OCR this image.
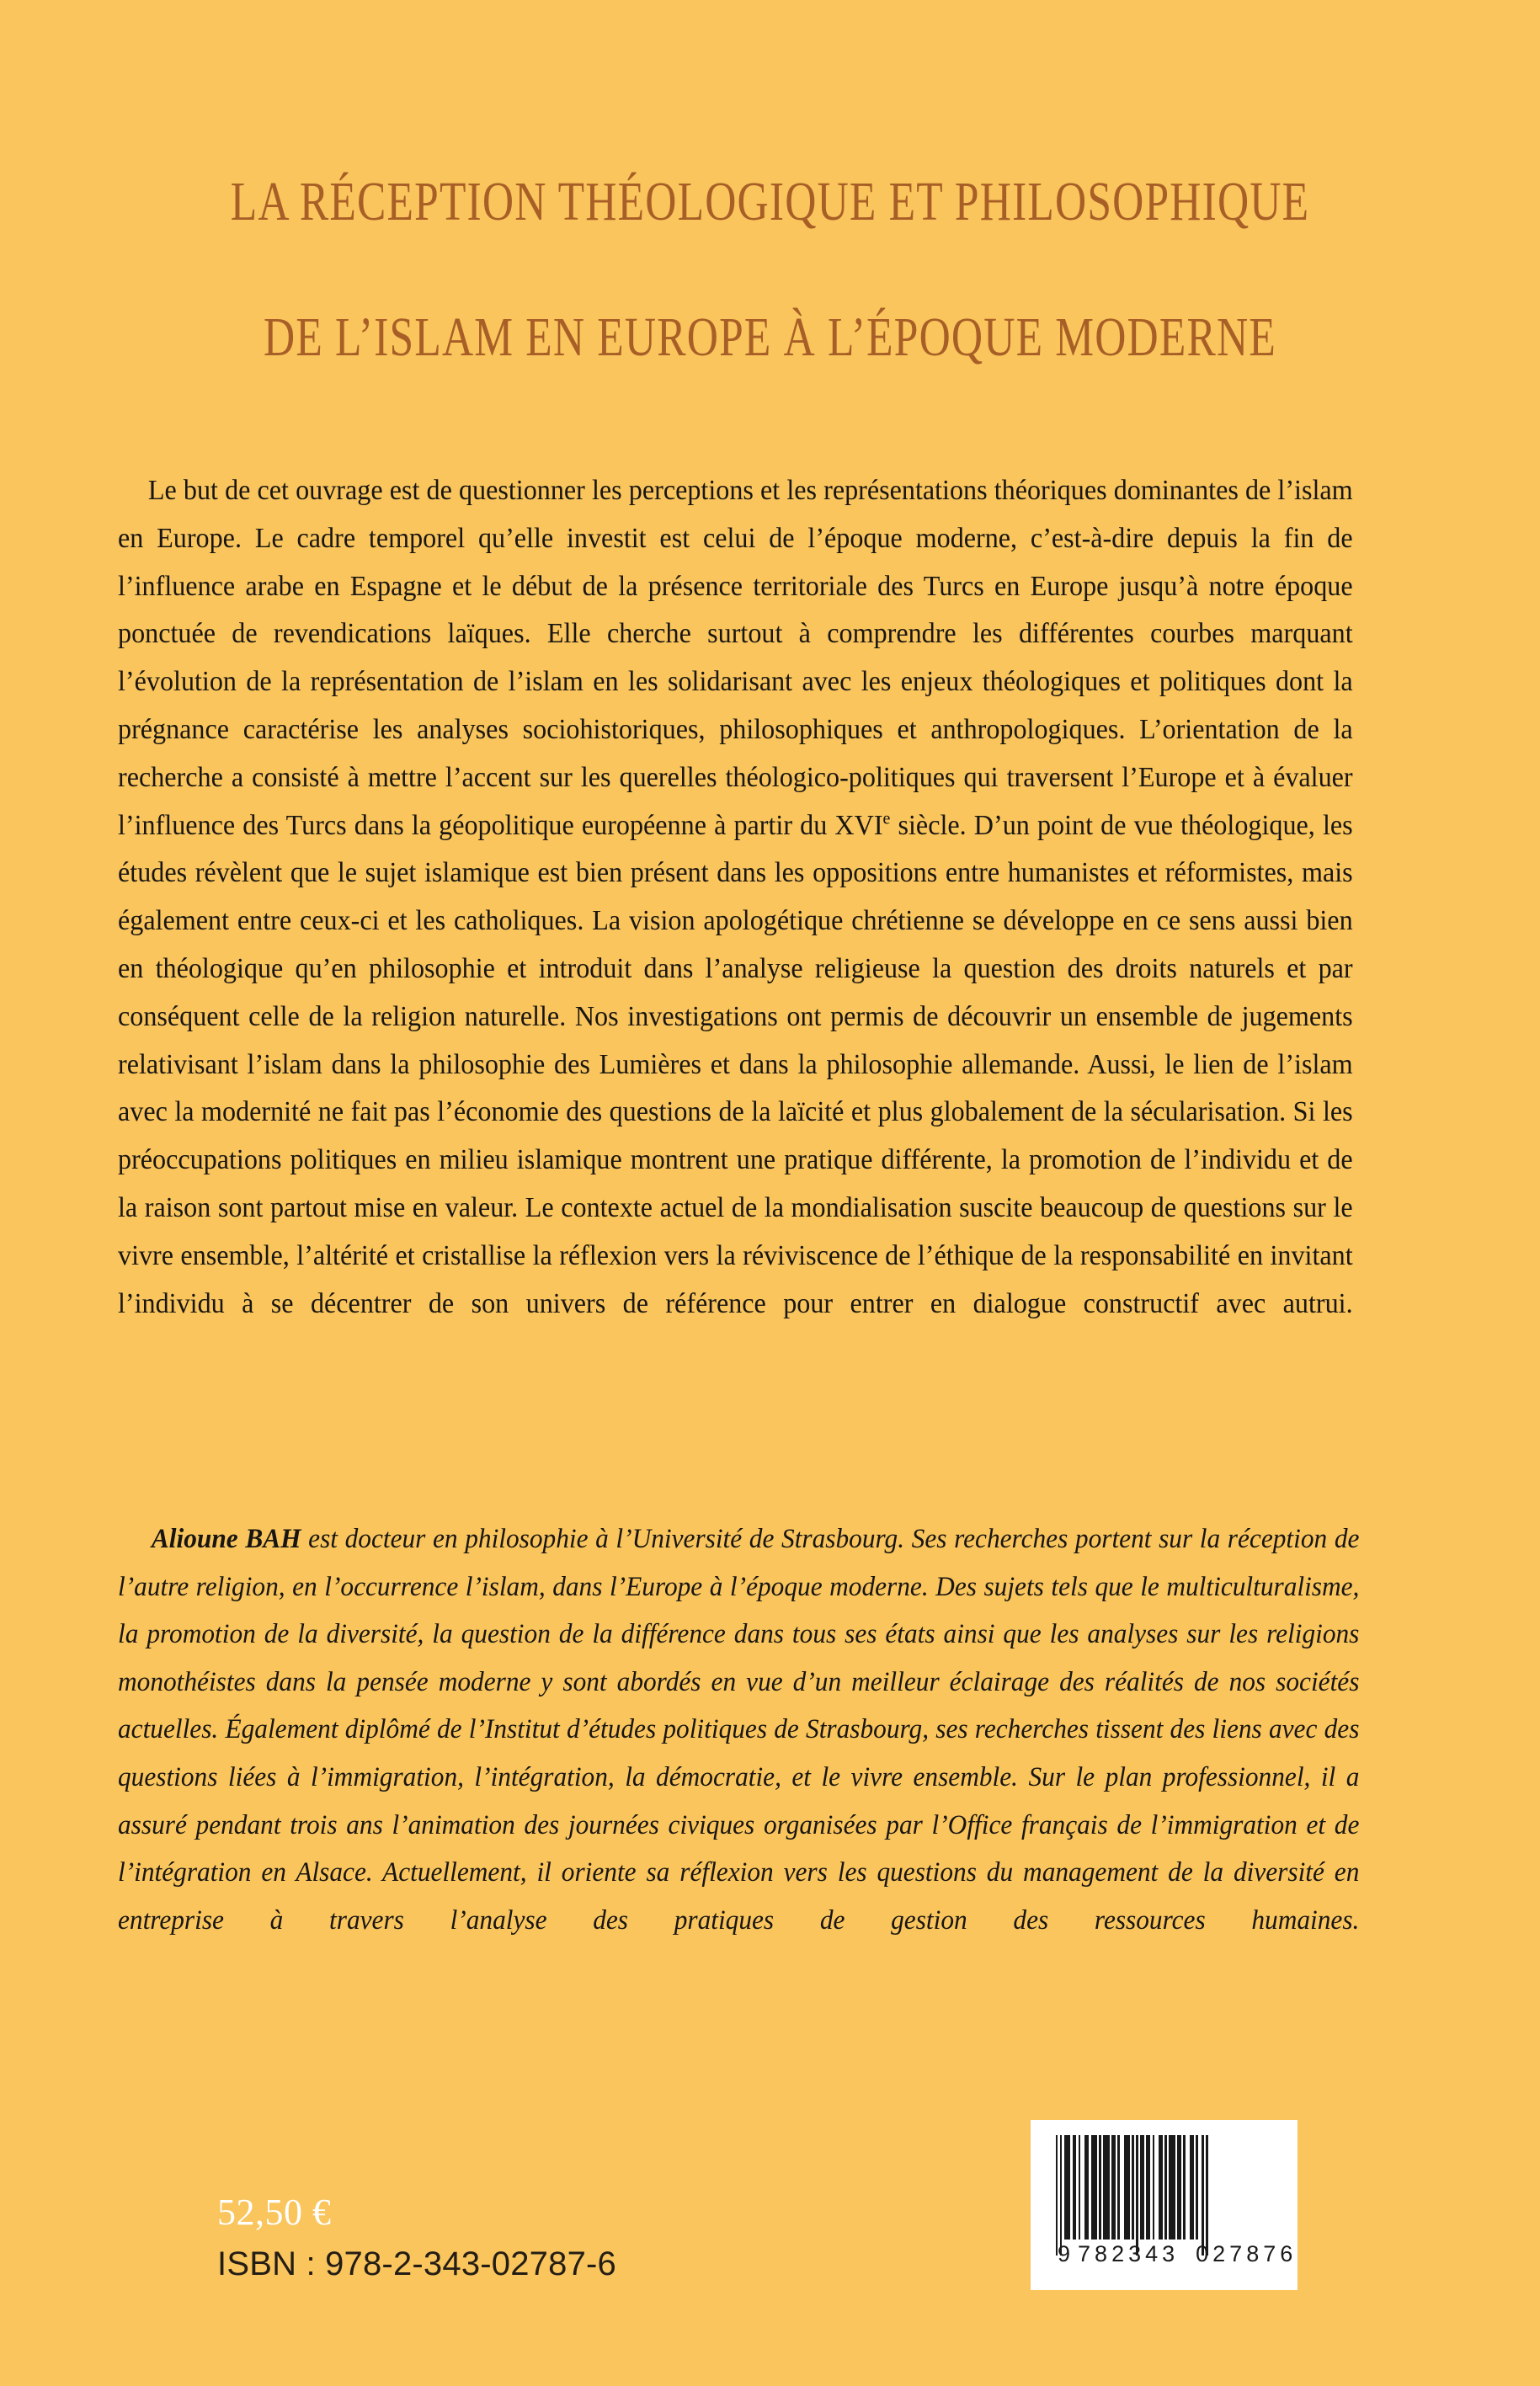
LA RÉCEPTION THÉOLOGIQUE ET PHILOSOPHIQUE
DE L’ISLAM EN EUROPE À L’ÉPOQUE MODERNE
Le but de cet ouvrage est de questionner les perceptions et les représentations théoriques dominantes de l’islam en Europe. Le cadre temporel qu’elle investit est celui de l’époque moderne, c’est-à-dire depuis la fin de l’influence arabe en Espagne et le début de la présence territoriale des Turcs en Europe jusqu’à notre époque ponctuée de revendications laïques. Elle cherche surtout à comprendre les différentes courbes marquant l’évolution de la représentation de l’islam en les solidarisant avec les enjeux théologiques et politiques dont la prégnance caractérise les analyses sociohistoriques, philosophiques et anthropologiques. L’orientation de la recherche a consisté à mettre l’accent sur les querelles théologico-politiques qui traversent l’Europe et à évaluer l’influence des Turcs dans la géopolitique européenne à partir du XVIe siècle. D’un point de vue théologique, les études révèlent que le sujet islamique est bien présent dans les oppositions entre humanistes et réformistes, mais également entre ceux-ci et les catholiques. La vision apologétique chrétienne se développe en ce sens aussi bien en théologique qu’en philosophie et introduit dans l’analyse religieuse la question des droits naturels et par conséquent celle de la religion naturelle. Nos investigations ont permis de découvrir un ensemble de jugements relativisant l’islam dans la philosophie des Lumières et dans la philosophie allemande. Aussi, le lien de l’islam avec la modernité ne fait pas l’économie des questions de la laïcité et plus globalement de la sécularisation. Si les préoccupations politiques en milieu islamique montrent une pratique différente, la promotion de l’individu et de la raison sont partout mise en valeur. Le contexte actuel de la mondialisation suscite beaucoup de questions sur le vivre ensemble, l’altérité et cristallise la réflexion vers la réviviscence de l’éthique de la responsabilité en invitant l’individu à se décentrer de son univers de référence pour entrer en dialogue constructif avec autrui.
Alioune BAH est docteur en philosophie à l’Université de Strasbourg. Ses recherches portent sur la réception de l’autre religion, en l’occurrence l’islam, dans l’Europe à l’époque moderne. Des sujets tels que le multiculturalisme, la promotion de la diversité, la question de la différence dans tous ses états ainsi que les analyses sur les religions monothéistes dans la pensée moderne y sont abordés en vue d’un meilleur éclairage des réalités de nos sociétés actuelles. Également diplômé de l’Institut d’études politiques de Strasbourg, ses recherches tissent des liens avec des questions liées à l’immigration, l’intégration, la démocratie, et le vivre ensemble. Sur le plan professionnel, il a assuré pendant trois ans l’animation des journées civiques organisées par l’Office français de l’immigration et de l’intégration en Alsace. Actuellement, il oriente sa réflexion vers les questions du management de la diversité en entreprise à travers l’analyse des pratiques de gestion des ressources humaines.
52,50 €
ISBN : 978-2-343-02787-6	9 782343 027876
